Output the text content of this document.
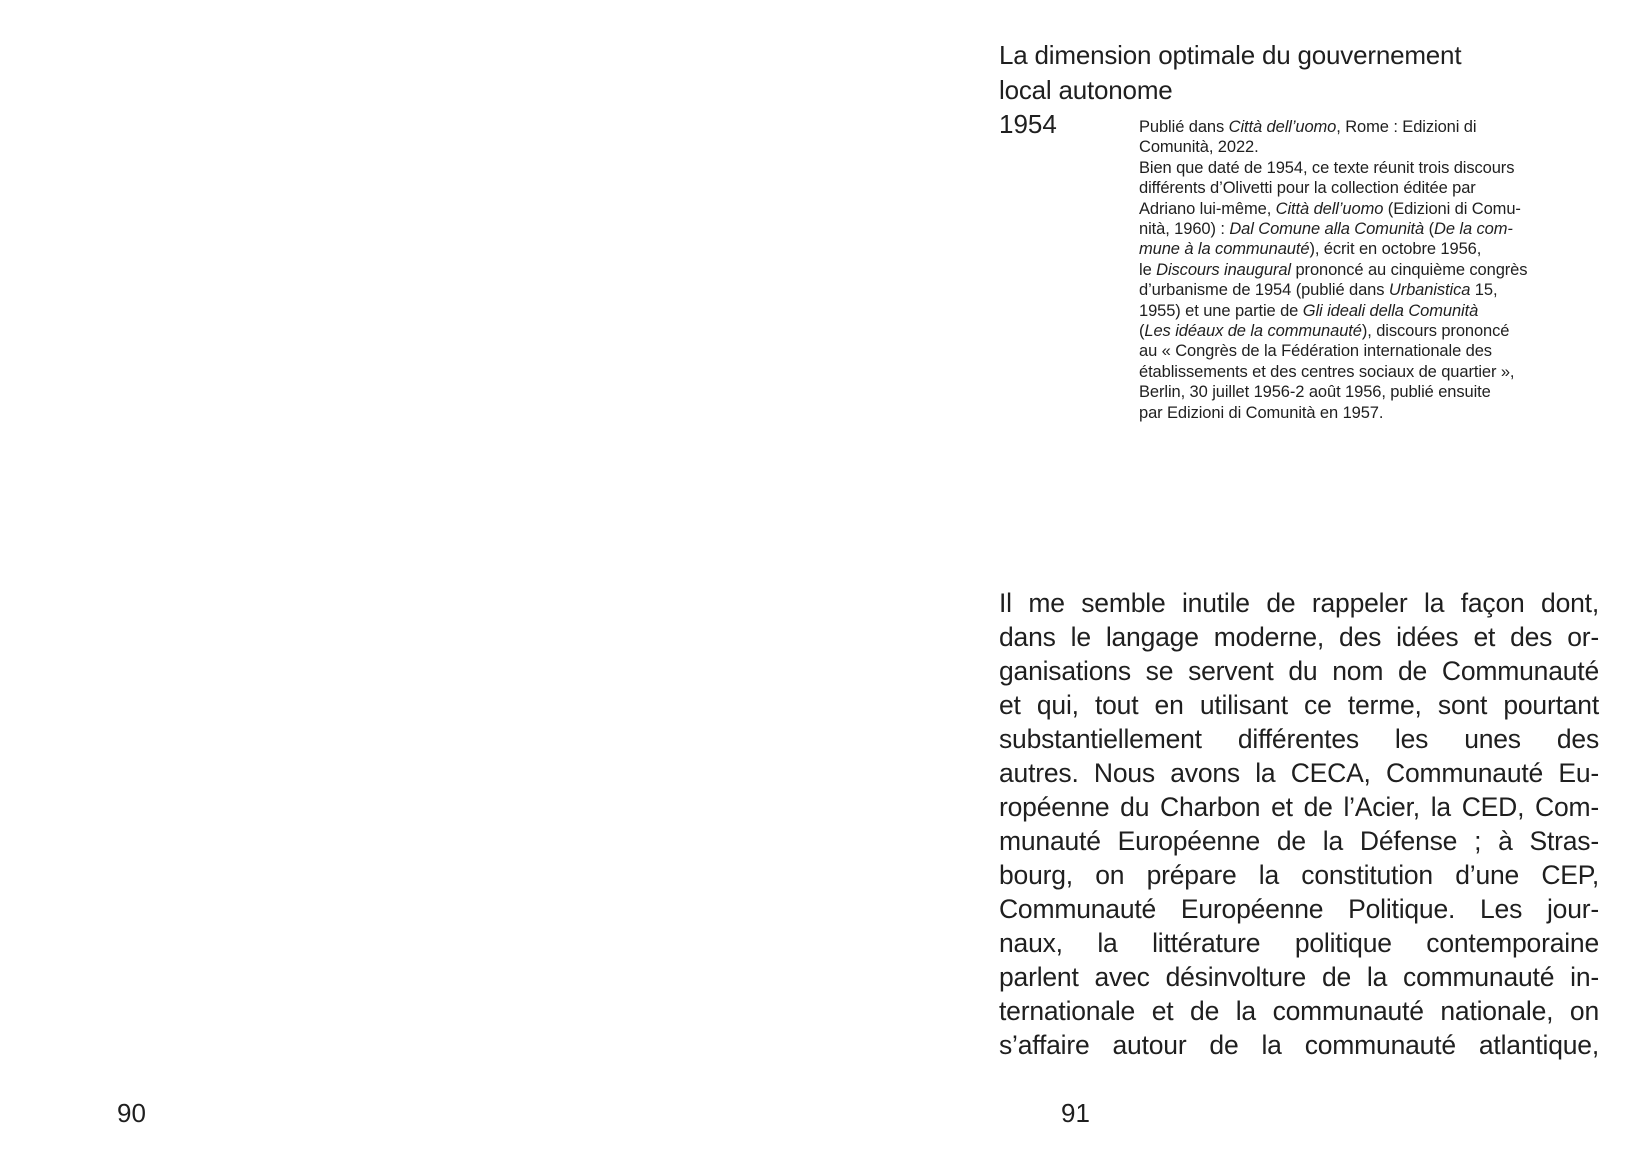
La dimension optimale du gouvernement
local autonome
1954	Publié dans Città dell’uomo, Rome : Edizioni di
Comunità, 2022.
Bien que daté de 1954, ce texte réunit trois discours
différents d’Olivetti pour la collection éditée par
Adriano lui-même, Città dell’uomo (Edizioni di Comu-
nità, 1960) : Dal Comune alla Comunità (De la com-
mune à la communauté), écrit en octobre 1956,
le Discours inaugural prononcé au cinquième congrès
d’urbanisme de 1954 (publié dans Urbanistica 15,
1955) et une partie de Gli ideali della Comunità
(Les idéaux de la communauté), discours prononcé
au « Congrès de la Fédération internationale des
établissements et des centres sociaux de quartier »,
Berlin, 30 juillet 1956-2 août 1956, publié ensuite
par Edizioni di Comunità en 1957.
Il me semble inutile de rappeler la façon dont,
dans le langage moderne, des idées et des or-
ganisations se servent du nom de Communauté
et qui, tout en utilisant ce terme, sont pourtant
substantiellement différentes les unes des
autres. Nous avons la CECA, Communauté Eu-
ropéenne du Charbon et de l’Acier, la CED, Com-
munauté Européenne de la Défense ; à Stras-
bourg, on prépare la constitution d’une CEP,
Communauté Européenne Politique. Les jour-
naux, la littérature politique contemporaine
parlent avec désinvolture de la communauté in-
ternationale et de la communauté nationale, on
s’affaire autour de la communauté atlantique,
90	91
